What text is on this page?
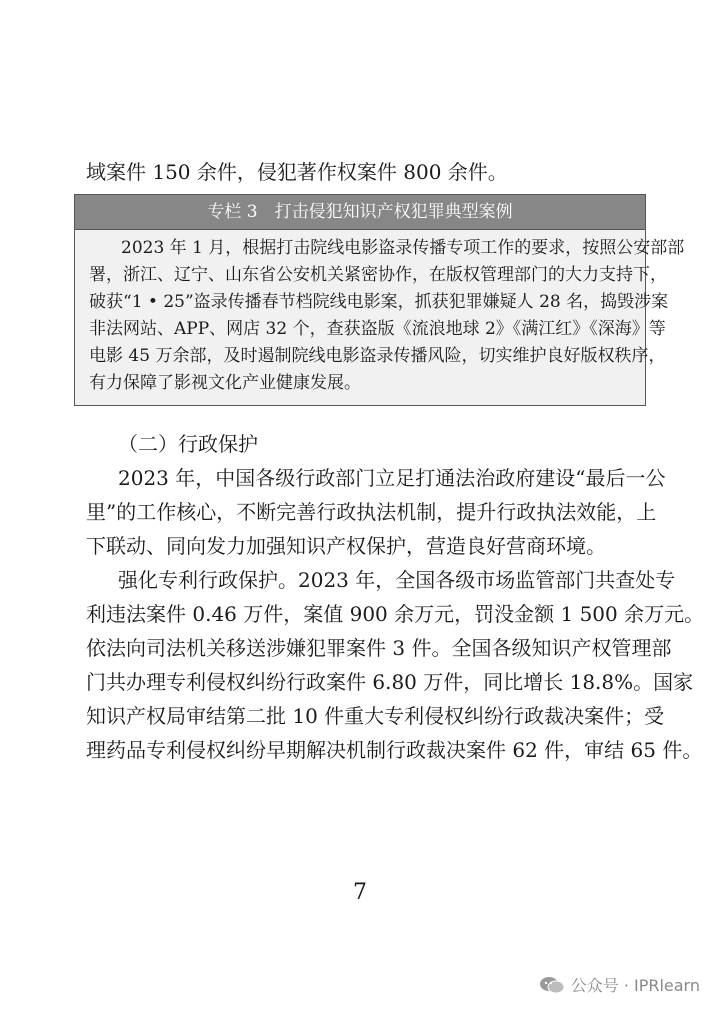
域案件 150 余件，侵犯著作权案件 800 余件。
专栏 3　打击侵犯知识产权犯罪典型案例
2023 年 1 月，根据打击院线电影盗录传播专项工作的要求，按照公安部部
署，浙江、辽宁、山东省公安机关紧密协作，在版权管理部门的大力支持下，
破获“1 • 25”盗录传播春节档院线电影案，抓获犯罪嫌疑人 28 名，捣毁涉案
非法网站、APP、网店 32 个，查获盗版《流浪地球 2》《满江红》《深海》等
电影 45 万余部，及时遏制院线电影盗录传播风险，切实维护良好版权秩序，
有力保障了影视文化产业健康发展。
（二）行政保护
2023 年，中国各级行政部门立足打通法治政府建设“最后一公
里”的工作核心，不断完善行政执法机制，提升行政执法效能，上
下联动、同向发力加强知识产权保护，营造良好营商环境。
强化专利行政保护。2023 年，全国各级市场监管部门共查处专
利违法案件 0.46 万件，案值 900 余万元，罚没金额 1 500 余万元。
依法向司法机关移送涉嫌犯罪案件 3 件。全国各级知识产权管理部
门共办理专利侵权纠纷行政案件 6.80 万件，同比增长 18.8%。国家
知识产权局审结第二批 10 件重大专利侵权纠纷行政裁决案件；受
理药品专利侵权纠纷早期解决机制行政裁决案件 62 件，审结 65 件。
7
公众号 · IPRlearn
